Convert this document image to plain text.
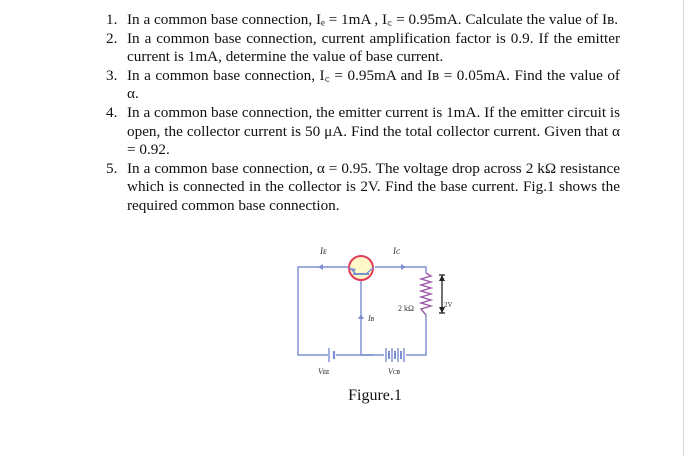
1. In a common base connection, Iₑ = 1mA , I꜀ = 0.95mA. Calculate the value of Iʙ.
2. In a common base connection, current amplification factor is 0.9. If the emitter current is 1mA, determine the value of base current.
3. In a common base connection, I꜀ = 0.95mA and Iʙ = 0.05mA. Find the value of α.
4. In a common base connection, the emitter current is 1mA. If the emitter circuit is open, the collector current is 50 μA. Find the total collector current. Given that α = 0.92.
5. In a common base connection, α = 0.95. The voltage drop across 2 kΩ resistance which is connected in the collector is 2V. Find the base current. Fig.1 shows the required common base connection.
Iᴇ	Iᴄ
Iʙ
2 kΩ	2V
Vᴇᴇ	Vᴄʙ
Figure.1
